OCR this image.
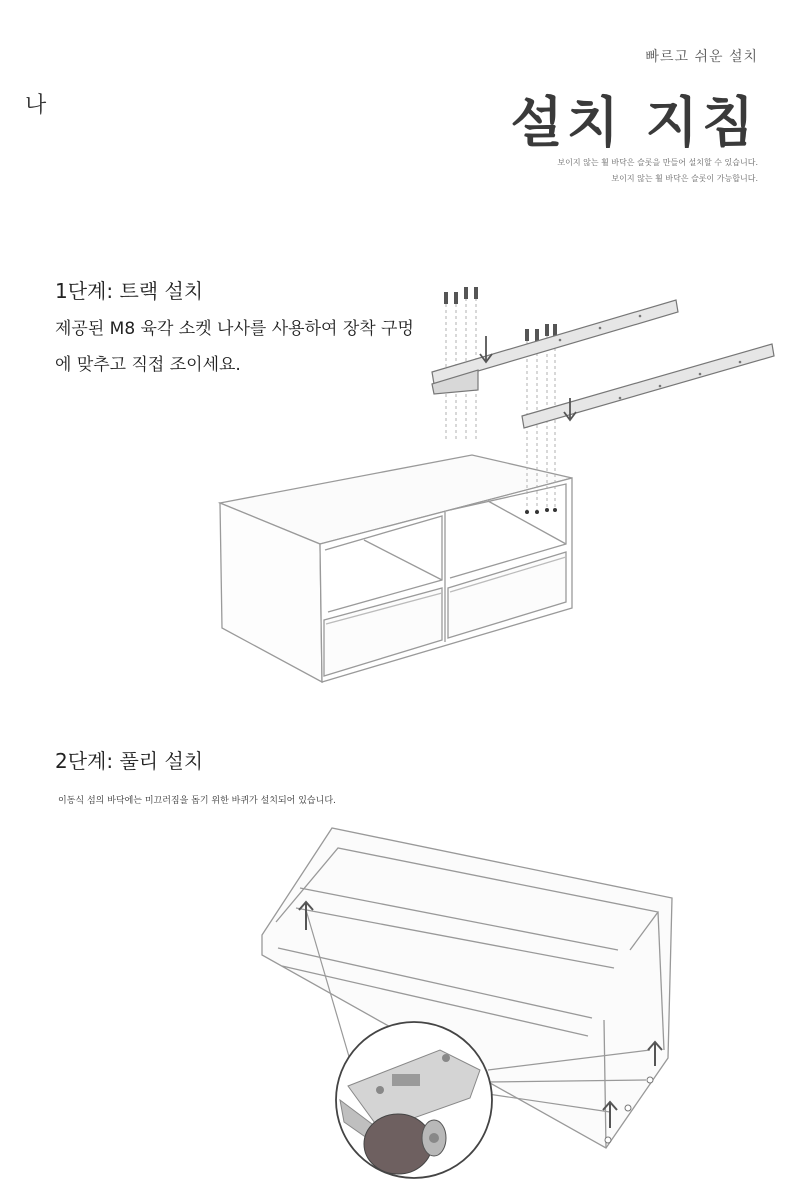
나
빠르고 쉬운 설치
설치 지침
보이지 않는 휠 바닥은 슬롯을 만들어 설치할 수 있습니다.
보이지 않는 휠 바닥은 슬롯이 가능합니다.
1단계: 트랙 설치
제공된 M8 육각 소켓 나사를 사용하여 장착 구멍
에 맞추고 직접 조이세요.
2단계: 풀리 설치
이동식 섬의 바닥에는 미끄러짐을 돕기 위한 바퀴가 설치되어 있습니다.
